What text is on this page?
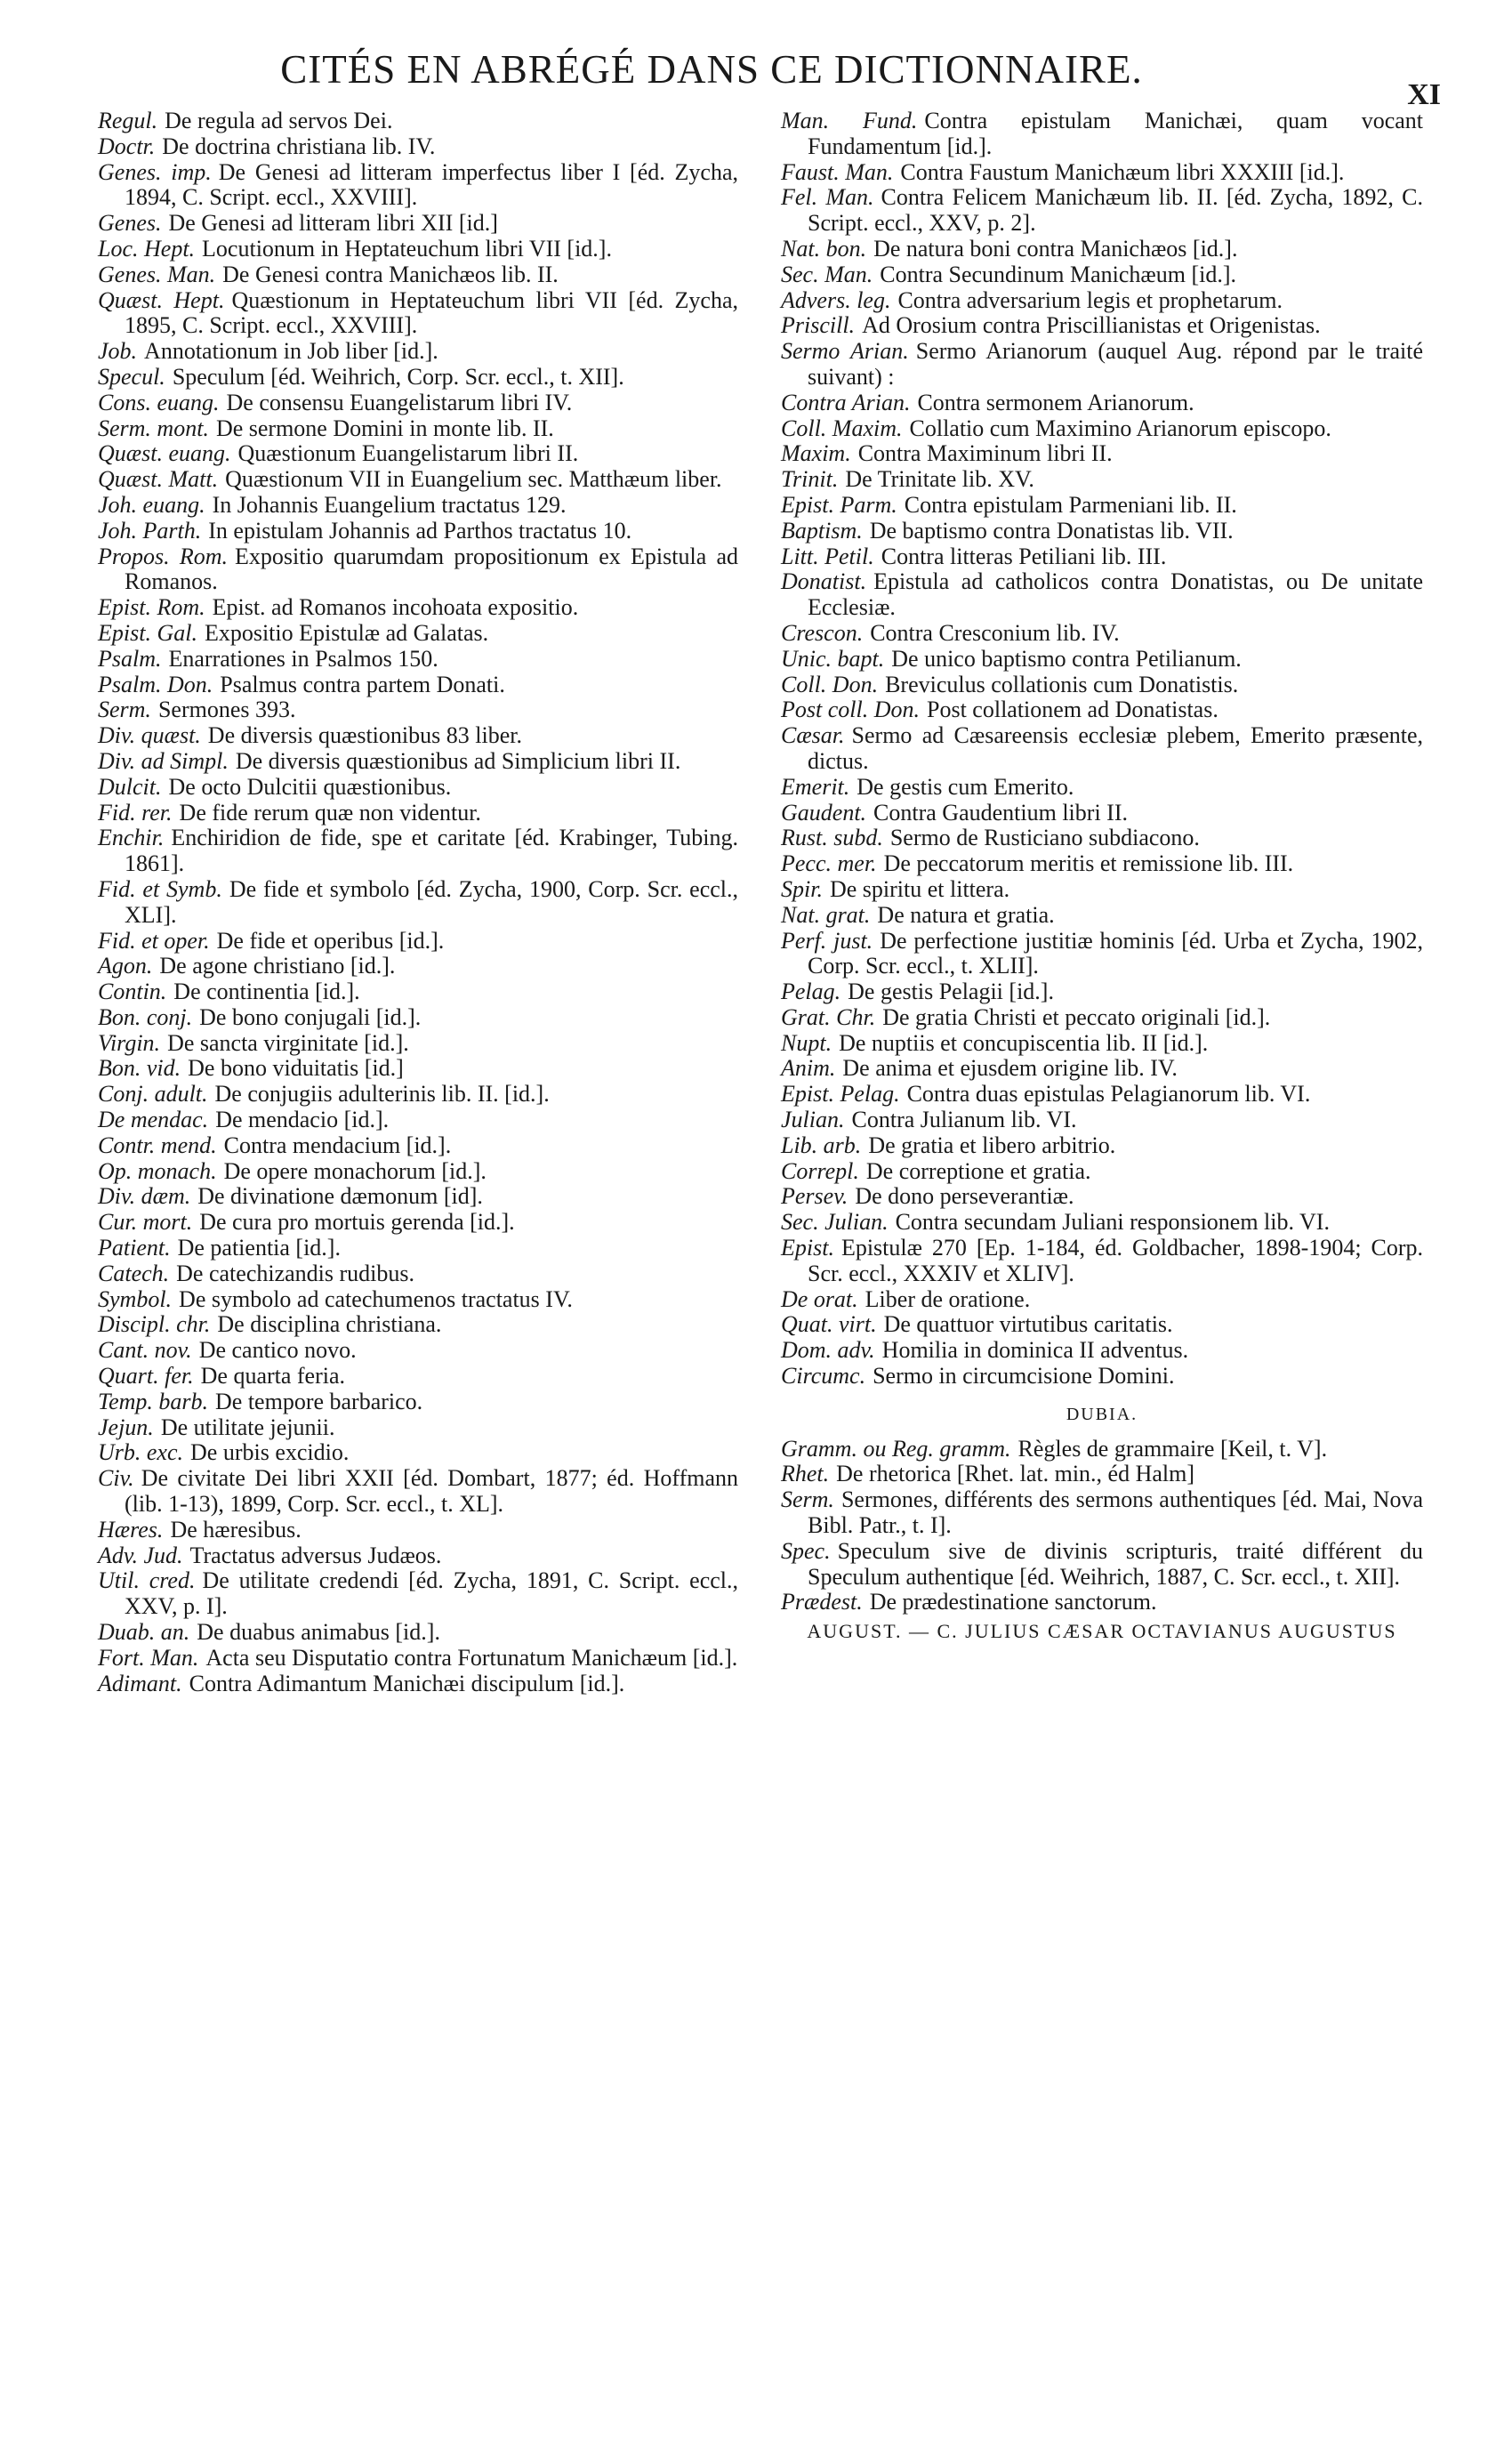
CITÉS EN ABRÉGÉ DANS CE DICTIONNAIRE.
XI

Regul. De regula ad servos Dei.

Doctr. De doctrina christiana lib. IV.

Genes. imp. De Genesi ad litteram imperfectus liber I [éd. Zycha, 1894, C. Script. eccl., XXVIII].

Genes. De Genesi ad litteram libri XII [id.]

Loc. Hept. Locutionum in Heptateuchum libri VII [id.].

Genes. Man. De Genesi contra Manichæos lib. II.

Quæst. Hept. Quæstionum in Heptateuchum libri VII [éd. Zycha, 1895, C. Script. eccl., XXVIII].

Job. Annotationum in Job liber [id.].

Specul. Speculum [éd. Weihrich, Corp. Scr. eccl., t. XII].

Cons. euang. De consensu Euangelistarum libri IV.

Serm. mont. De sermone Domini in monte lib. II.

Quæst. euang. Quæstionum Euangelistarum libri II.

Quæst. Matt. Quæstionum VII in Euangelium sec. Matthæum liber.

Joh. euang. In Johannis Euangelium tractatus 129.

Joh. Parth. In epistulam Johannis ad Parthos tractatus 10.

Propos. Rom. Expositio quarumdam propositionum ex Epistula ad Romanos.

Epist. Rom. Epist. ad Romanos incohoata expositio.

Epist. Gal. Expositio Epistulæ ad Galatas.

Psalm. Enarrationes in Psalmos 150.

Psalm. Don. Psalmus contra partem Donati.

Serm. Sermones 393.

Div. quæst. De diversis quæstionibus 83 liber.

Div. ad Simpl. De diversis quæstionibus ad Simplicium libri II.

Dulcit. De octo Dulcitii quæstionibus.

Fid. rer. De fide rerum quæ non videntur.

Enchir. Enchiridion de fide, spe et caritate [éd. Krabinger, Tubing. 1861].

Fid. et Symb. De fide et symbolo [éd. Zycha, 1900, Corp. Scr. eccl., XLI].

Fid. et oper. De fide et operibus [id.].

Agon. De agone christiano [id.].

Contin. De continentia [id.].

Bon. conj. De bono conjugali [id.].

Virgin. De sancta virginitate [id.].

Bon. vid. De bono viduitatis [id.]

Conj. adult. De conjugiis adulterinis lib. II. [id.].

De mendac. De mendacio [id.].

Contr. mend. Contra mendacium [id.].

Op. monach. De opere monachorum [id.].

Div. dæm. De divinatione dæmonum [id].

Cur. mort. De cura pro mortuis gerenda [id.].

Patient. De patientia [id.].

Catech. De catechizandis rudibus.

Symbol. De symbolo ad catechumenos tractatus IV.

Discipl. chr. De disciplina christiana.

Cant. nov. De cantico novo.

Quart. fer. De quarta feria.

Temp. barb. De tempore barbarico.

Jejun. De utilitate jejunii.

Urb. exc. De urbis excidio.

Civ. De civitate Dei libri XXII [éd. Dombart, 1877; éd. Hoffmann (lib. 1-13), 1899, Corp. Scr. eccl., t. XL].

Hæres. De hæresibus.

Adv. Jud. Tractatus adversus Judæos.

Util. cred. De utilitate credendi [éd. Zycha, 1891, C. Script. eccl., XXV, p. I].

Duab. an. De duabus animabus [id.].

Fort. Man. Acta seu Disputatio contra Fortunatum Manichæum [id.].

Adimant. Contra Adimantum Manichæi discipulum [id.].

Man. Fund. Contra epistulam Manichæi, quam vocant Fundamentum [id.].

Faust. Man. Contra Faustum Manichæum libri XXXIII [id.].

Fel. Man. Contra Felicem Manichæum lib. II. [éd. Zycha, 1892, C. Script. eccl., XXV, p. 2].

Nat. bon. De natura boni contra Manichæos [id.].

Sec. Man. Contra Secundinum Manichæum [id.].

Advers. leg. Contra adversarium legis et prophetarum.

Priscill. Ad Orosium contra Priscillianistas et Origenistas.

Sermo Arian. Sermo Arianorum (auquel Aug. répond par le traité suivant) :

Contra Arian. Contra sermonem Arianorum.

Coll. Maxim. Collatio cum Maximino Arianorum episcopo.

Maxim. Contra Maximinum libri II.

Trinit. De Trinitate lib. XV.

Epist. Parm. Contra epistulam Parmeniani lib. II.

Baptism. De baptismo contra Donatistas lib. VII.

Litt. Petil. Contra litteras Petiliani lib. III.

Donatist. Epistula ad catholicos contra Donatistas, ou De unitate Ecclesiæ.

Crescon. Contra Cresconium lib. IV.

Unic. bapt. De unico baptismo contra Petilianum.

Coll. Don. Breviculus collationis cum Donatistis.

Post coll. Don. Post collationem ad Donatistas.

Cæsar. Sermo ad Cæsareensis ecclesiæ plebem, Emerito præsente, dictus.

Emerit. De gestis cum Emerito.

Gaudent. Contra Gaudentium libri II.

Rust. subd. Sermo de Rusticiano subdiacono.

Pecc. mer. De peccatorum meritis et remissione lib. III.

Spir. De spiritu et littera.

Nat. grat. De natura et gratia.

Perf. just. De perfectione justitiæ hominis [éd. Urba et Zycha, 1902, Corp. Scr. eccl., t. XLII].

Pelag. De gestis Pelagii [id.].

Grat. Chr. De gratia Christi et peccato originali [id.].

Nupt. De nuptiis et concupiscentia lib. II [id.].

Anim. De anima et ejusdem origine lib. IV.

Epist. Pelag. Contra duas epistulas Pelagianorum lib. VI.

Julian. Contra Julianum lib. VI.

Lib. arb. De gratia et libero arbitrio.

Correpl. De correptione et gratia.

Persev. De dono perseverantiæ.

Sec. Julian. Contra secundam Juliani responsionem lib. VI.

Epist. Epistulæ 270 [Ep. 1-184, éd. Goldbacher, 1898-1904; Corp. Scr. eccl., XXXIV et XLIV].

De orat. Liber de oratione.

Quat. virt. De quattuor virtutibus caritatis.

Dom. adv. Homilia in dominica II adventus.

Circumc. Sermo in circumcisione Domini.

DUBIA.

Gramm. ou Reg. gramm. Règles de grammaire [Keil, t. V].

Rhet. De rhetorica [Rhet. lat. min., éd Halm]

Serm. Sermones, différents des sermons authentiques [éd. Mai, Nova Bibl. Patr., t. I].

Spec. Speculum sive de divinis scripturis, traité différent du Speculum authentique [éd. Weihrich, 1887, C. Scr. eccl., t. XII].

Prædest. De prædestinatione sanctorum.

AUGUST. — C. JULIUS CÆSAR OCTAVIANUS AUGUSTUS
